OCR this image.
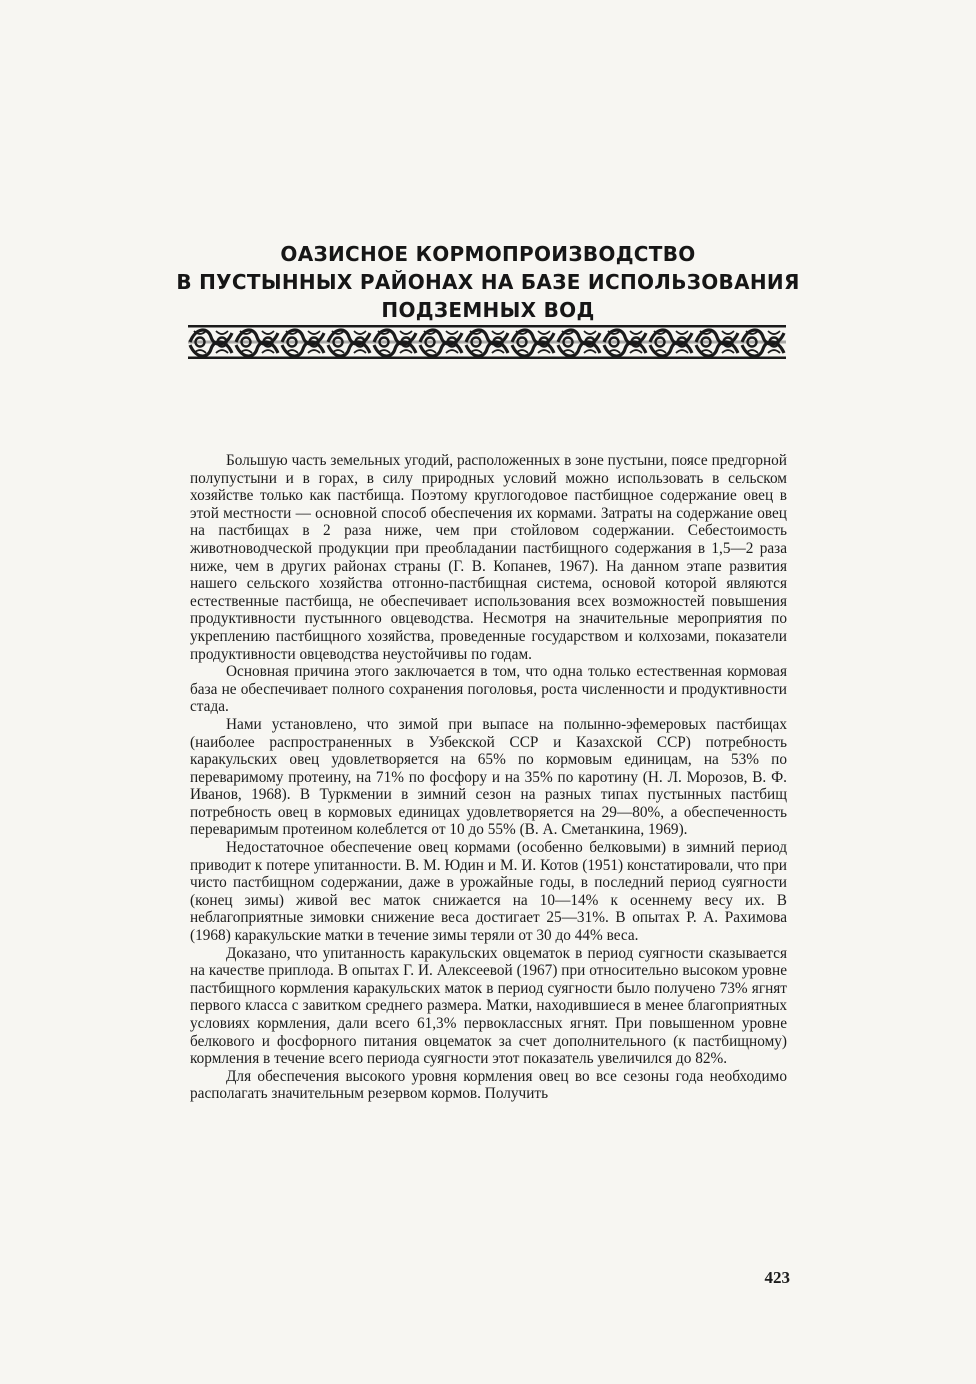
ОАЗИСНОЕ КОРМОПРОИЗВОДСТВО
В ПУСТЫННЫХ РАЙОНАХ НА БАЗЕ ИСПОЛЬЗОВАНИЯ
ПОДЗЕМНЫХ ВОД

Большую часть земельных угодий, расположенных в зоне пустыни, поясе предгорной полупустыни и в горах, в силу природных условий можно использовать в сельском хозяйстве только как пастбища. Поэтому круглогодовое пастбищное содержание овец в этой местности — основной способ обеспечения их кормами. Затраты на содержание овец на пастбищах в 2 раза ниже, чем при стойловом содержании. Себестоимость животноводческой продукции при преобладании пастбищного содержания в 1,5—2 раза ниже, чем в других районах страны (Г. В. Копанев, 1967). На данном этапе развития нашего сельского хозяйства отгонно-пастбищная система, основой которой являются естественные пастбища, не обеспечивает использования всех возможностей повышения продуктивности пустынного овцеводства. Несмотря на значительные мероприятия по укреплению пастбищного хозяйства, проведенные государством и колхозами, показатели продуктивности овцеводства неустойчивы по годам.

Основная причина этого заключается в том, что одна только естественная кормовая база не обеспечивает полного сохранения поголовья, роста численности и продуктивности стада.

Нами установлено, что зимой при выпасе на полынно-эфемеровых пастбищах (наиболее распространенных в Узбекской ССР и Казахской ССР) потребность каракульских овец удовлетворяется на 65% по кормовым единицам, на 53% по переваримому протеину, на 71% по фосфору и на 35% по каротину (Н. Л. Морозов, В. Ф. Иванов, 1968). В Туркмении в зимний сезон на разных типах пустынных пастбищ потребность овец в кормовых единицах удовлетворяется на 29—80%, а обеспеченность переваримым протеином колеблется от 10 до 55% (В. А. Сметанкина, 1969).

Недостаточное обеспечение овец кормами (особенно белковыми) в зимний период приводит к потере упитанности. В. М. Юдин и М. И. Котов (1951) констатировали, что при чисто пастбищном содержании, даже в урожайные годы, в последний период суягности (конец зимы) живой вес маток снижается на 10—14% к осеннему весу их. В неблагоприятные зимовки снижение веса достигает 25—31%. В опытах Р. А. Рахимова (1968) каракульские матки в течение зимы теряли от 30 до 44% веса.

Доказано, что упитанность каракульских овцематок в период суягности сказывается на качестве приплода. В опытах Г. И. Алексеевой (1967) при относительно высоком уровне пастбищного кормления каракульских маток в период суягности было получено 73% ягнят первого класса с завитком среднего размера. Матки, находившиеся в менее благоприятных условиях кормления, дали всего 61,3% первоклассных ягнят. При повышенном уровне белкового и фосфорного питания овцематок за счет дополнительного (к пастбищному) кормления в течение всего периода суягности этот показатель увеличился до 82%.

Для обеспечения высокого уровня кормления овец во все сезоны года необходимо располагать значительным резервом кормов. Получить

423
